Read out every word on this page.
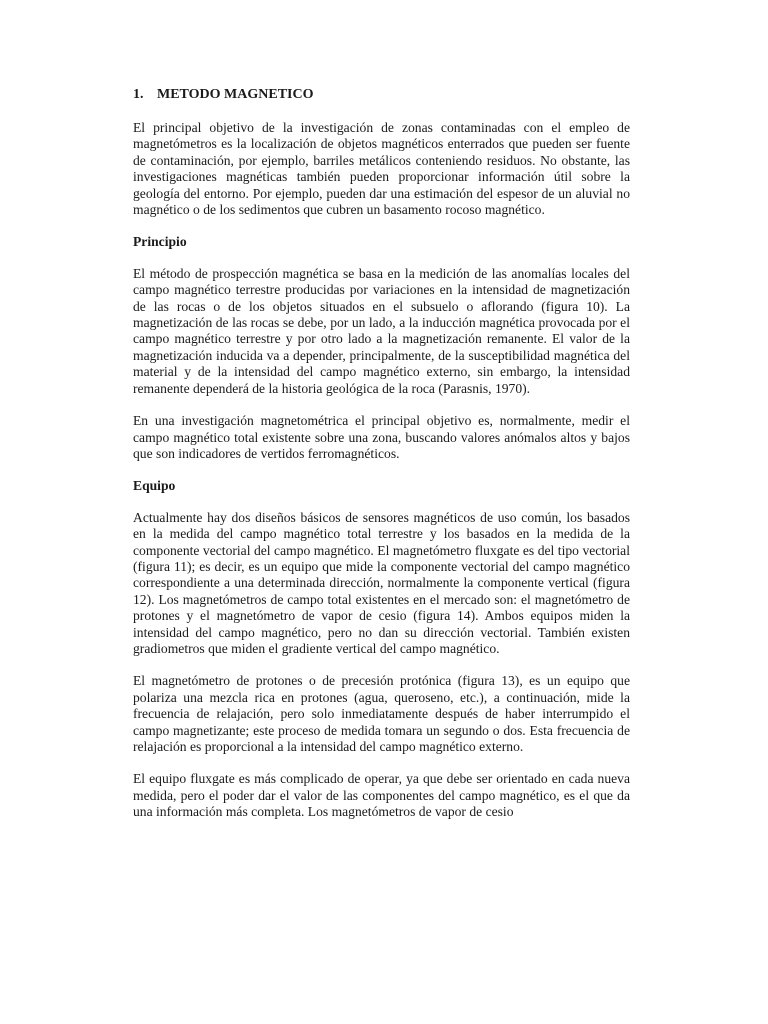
1. METODO MAGNETICO

El principal objetivo de la investigación de zonas contaminadas con el empleo de magnetómetros es la localización de objetos magnéticos enterrados que pueden ser fuente de contaminación, por ejemplo, barriles metálicos conteniendo residuos. No obstante, las investigaciones magnéticas también pueden proporcionar información útil sobre la geología del entorno. Por ejemplo, pueden dar una estimación del espesor de un aluvial no magnético o de los sedimentos que cubren un basamento rocoso magnético.

Principio

El método de prospección magnética se basa en la medición de las anomalías locales del campo magnético terrestre producidas por variaciones en la intensidad de magnetización de las rocas o de los objetos situados en el subsuelo o aflorando (figura 10). La magnetización de las rocas se debe, por un lado, a la inducción magnética provocada por el campo magnético terrestre y por otro lado a la magnetización remanente. El valor de la magnetización inducida va a depender, principalmente, de la susceptibilidad magnética del material y de la intensidad del campo magnético externo, sin embargo, la intensidad remanente dependerá de la historia geológica de la roca (Parasnis, 1970).

En una investigación magnetométrica el principal objetivo es, normalmente, medir el campo magnético total existente sobre una zona, buscando valores anómalos altos y bajos que son indicadores de vertidos ferromagnéticos.

Equipo

Actualmente hay dos diseños básicos de sensores magnéticos de uso común, los basados en la medida del campo magnético total terrestre y los basados en la medida de la componente vectorial del campo magnético. El magnetómetro fluxgate es del tipo vectorial (figura 11); es decir, es un equipo que mide la componente vectorial del campo magnético correspondiente a una determinada dirección, normalmente la componente vertical (figura 12). Los magnetómetros de campo total existentes en el mercado son: el magnetómetro de protones y el magnetómetro de vapor de cesio (figura 14). Ambos equipos miden la intensidad del campo magnético, pero no dan su dirección vectorial. También existen gradiometros que miden el gradiente vertical del campo magnético.

El magnetómetro de protones o de precesión protónica (figura 13), es un equipo que polariza una mezcla rica en protones (agua, queroseno, etc.), a continuación, mide la frecuencia de relajación, pero solo inmediatamente después de haber interrumpido el campo magnetizante; este proceso de medida tomara un segundo o dos. Esta frecuencia de relajación es proporcional a la intensidad del campo magnético externo.

El equipo fluxgate es más complicado de operar, ya que debe ser orientado en cada nueva medida, pero el poder dar el valor de las componentes del campo magnético, es el que da una información más completa. Los magnetómetros de vapor de cesio
